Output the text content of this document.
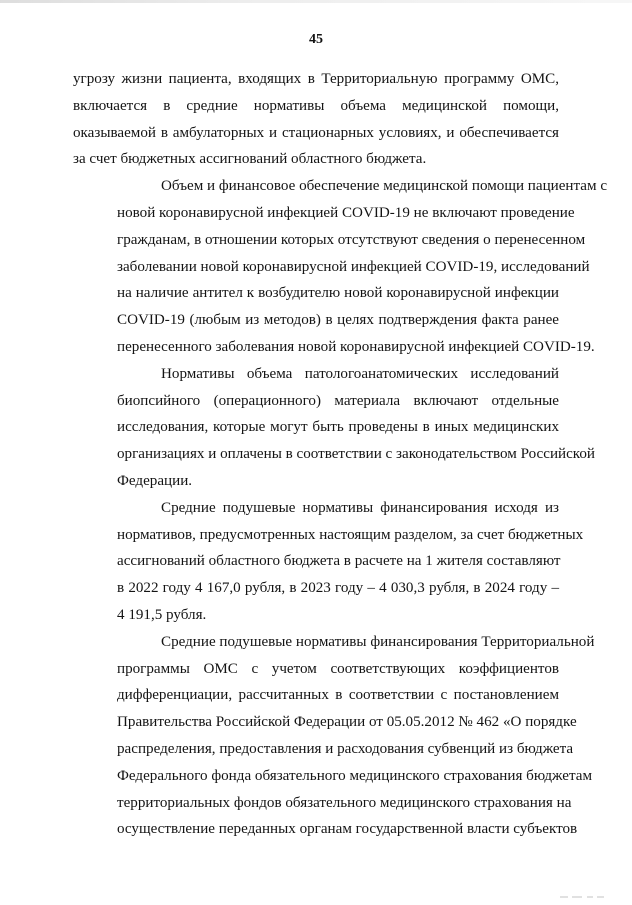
45
угрозу жизни пациента, входящих в Территориальную программу ОМС,
включается в средние нормативы объема медицинской помощи,
оказываемой в амбулаторных и стационарных условиях, и обеспечивается
за счет бюджетных ассигнований областного бюджета.
Объем и финансовое обеспечение медицинской помощи пациентам с
новой коронавирусной инфекцией COVID-19 не включают проведение
гражданам, в отношении которых отсутствуют сведения о перенесенном
заболевании новой коронавирусной инфекцией COVID-19, исследований
на наличие антител к возбудителю новой коронавирусной инфекции
COVID-19 (любым из методов) в целях подтверждения факта ранее
перенесенного заболевания новой коронавирусной инфекцией COVID-19.
Нормативы объема патологоанатомических исследований
биопсийного (операционного) материала включают отдельные
исследования, которые могут быть проведены в иных медицинских
организациях и оплачены в соответствии с законодательством Российской
Федерации.
Средние подушевые нормативы финансирования исходя из
нормативов, предусмотренных настоящим разделом, за счет бюджетных
ассигнований областного бюджета в расчете на 1 жителя составляют
в 2022 году 4 167,0 рубля, в 2023 году – 4 030,3 рубля, в 2024 году –
4 191,5 рубля.
Средние подушевые нормативы финансирования Территориальной
программы ОМС с учетом соответствующих коэффициентов
дифференциации, рассчитанных в соответствии с постановлением
Правительства Российской Федерации от 05.05.2012 № 462 «О порядке
распределения, предоставления и расходования субвенций из бюджета
Федерального фонда обязательного медицинского страхования бюджетам
территориальных фондов обязательного медицинского страхования на
осуществление переданных органам государственной власти субъектов
